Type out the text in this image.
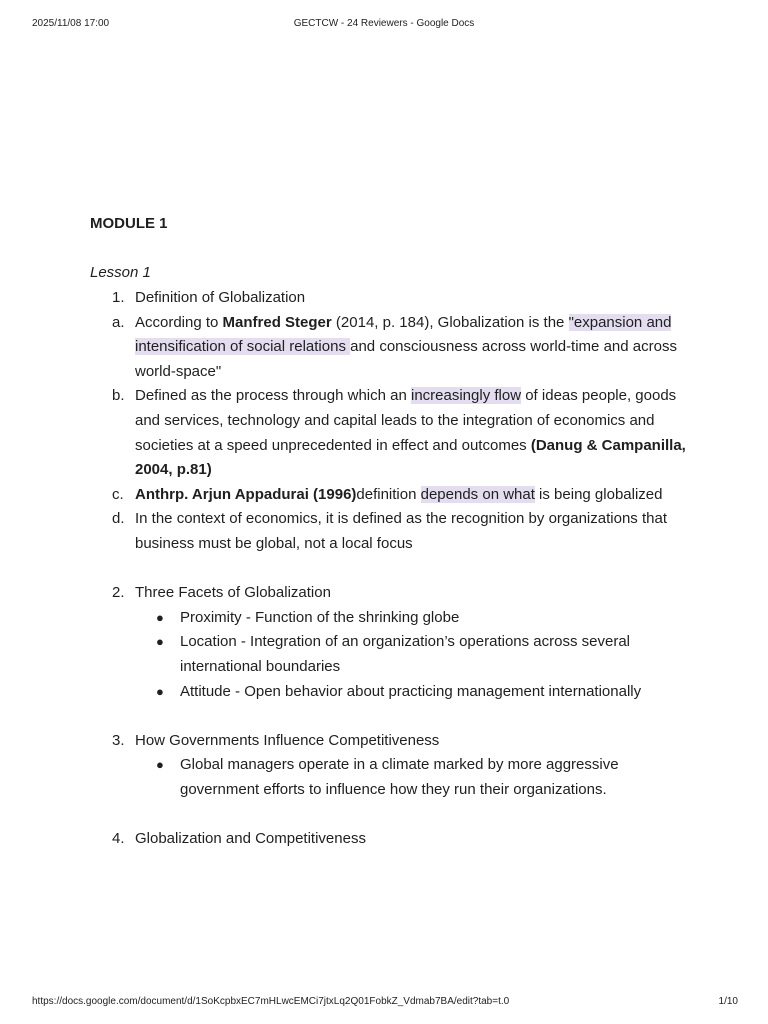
2025/11/08 17:00	GECTCW - 24 Reviewers - Google Docs
MODULE 1
Lesson 1
1. Definition of Globalization
a. According to Manfred Steger (2014, p. 184), Globalization is the "expansion and intensification of social relations and consciousness across world-time and across world-space"
b. Defined as the process through which an increasingly flow of ideas people, goods and services, technology and capital leads to the integration of economics and societies at a speed unprecedented in effect and outcomes (Danug & Campanilla, 2004, p.81)
c. Anthrp. Arjun Appadurai (1996)definition depends on what is being globalized
d. In the context of economics, it is defined as the recognition by organizations that business must be global, not a local focus
2. Three Facets of Globalization
● Proximity - Function of the shrinking globe
● Location - Integration of an organization’s operations across several international boundaries
● Attitude - Open behavior about practicing management internationally
3. How Governments Influence Competitiveness
● Global managers operate in a climate marked by more aggressive government efforts to influence how they run their organizations.
4. Globalization and Competitiveness
https://docs.google.com/document/d/1SoKcpbxEC7mHLwcEMCi7jtxLq2Q01FobkZ_Vdmab7BA/edit?tab=t.0	1/10
